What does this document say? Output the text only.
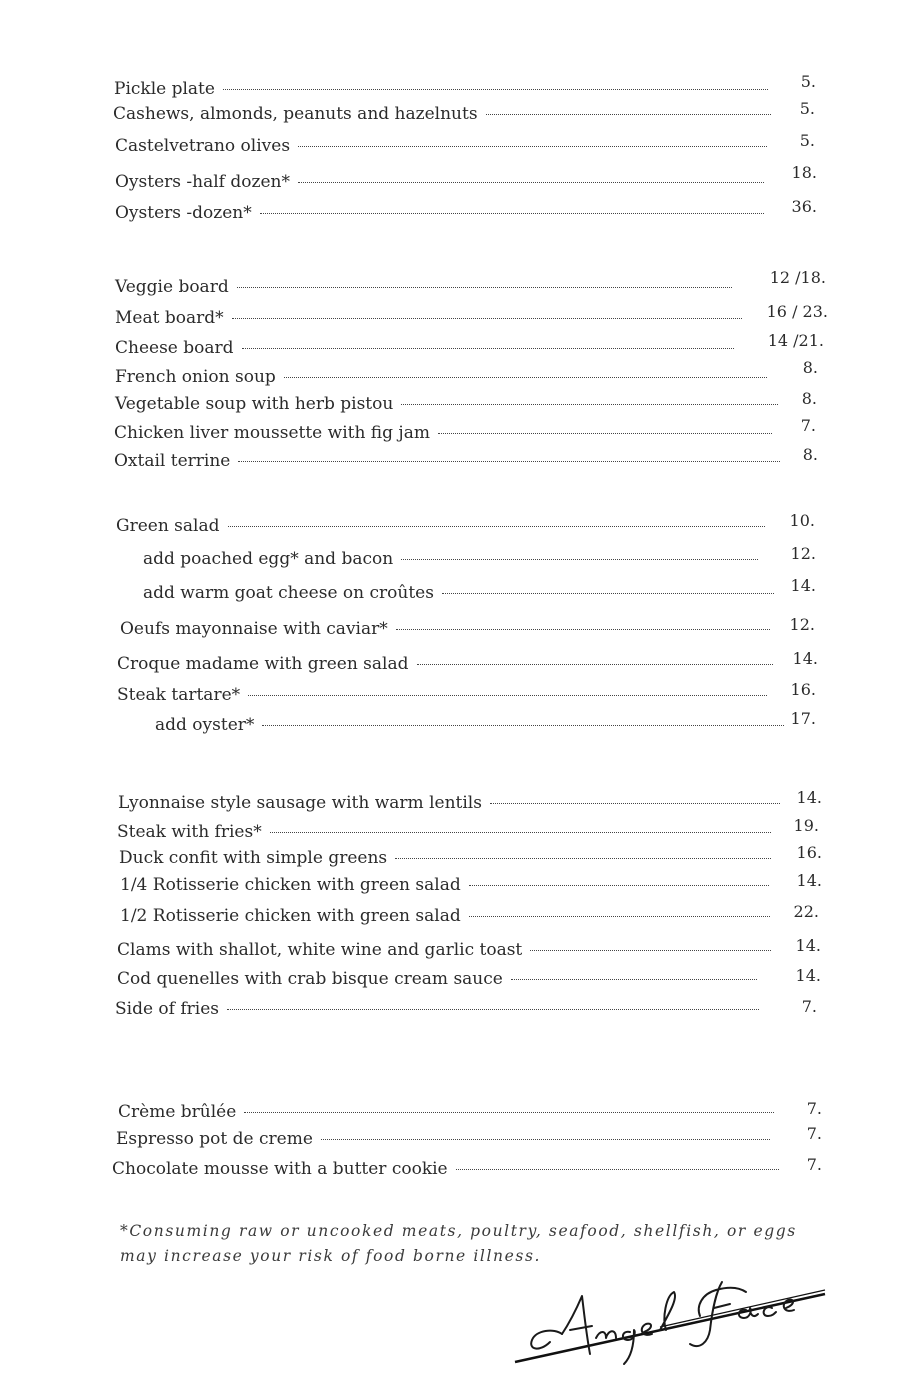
Pickle plate	5.
Cashews, almonds, peanuts and hazelnuts	5.
Castelvetrano olives	5.
Oysters -half dozen*	18.
Oysters -dozen*	36.
Veggie board	12 /18.
Meat board*	16 / 23.
Cheese board	14 /21.
French onion soup	8.
Vegetable soup with herb pistou	8.
Chicken liver moussette with fig jam	7.
Oxtail terrine	8.
Green salad	10.
add poached egg* and bacon	12.
add warm goat cheese on croûtes	14.
Oeufs mayonnaise with caviar*	12.
Croque madame with green salad	14.
Steak tartare*	16.
add oyster*	17.
Lyonnaise style sausage with warm lentils	14.
Steak with fries*	19.
Duck confit with simple greens	16.
1/4 Rotisserie chicken with green salad	14.
1/2 Rotisserie chicken with green salad	22.
Clams with shallot, white wine and garlic toast	14.
Cod quenelles with crab bisque cream sauce	14.
Side of fries	7.
Crème brûlée	7.
Espresso pot de creme	7.
Chocolate mousse with a butter cookie	7.
*Consuming raw or uncooked meats, poultry, seafood, shellfish, or eggs may increase your risk of food borne illness.
